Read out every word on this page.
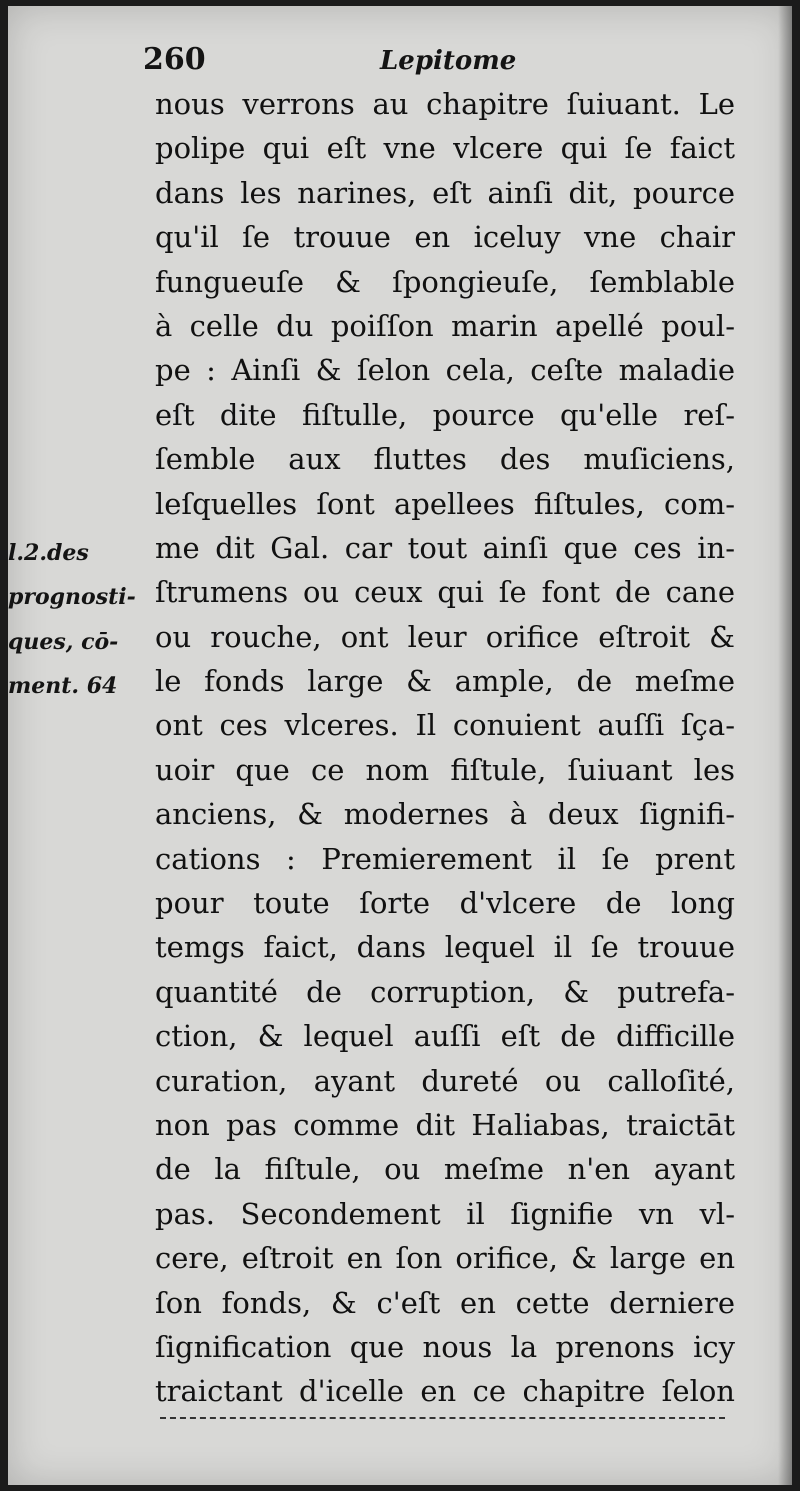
260	Lepitome
l.2.des
prognosti-
ques, cō-
ment. 64
nous verrons au chapitre ſuiuant. Le
polipe qui eſt vne vlcere qui ſe faict
dans les narines, eſt ainſi dit, pource
qu'il ſe trouue en iceluy vne chair
fungueuſe & ſpongieuſe, ſemblable
à celle du poiſſon marin apellé poul-
pe : Ainſi & ſelon cela, ceſte maladie
eſt dite fiſtulle, pource qu'elle reſ-
ſemble aux fluttes des muſiciens,
leſquelles ſont apellees fiſtules, com-
me dit Gal. car tout ainſi que ces in-
ſtrumens ou ceux qui ſe font de cane
ou rouche, ont leur orifice eſtroit &
le fonds large & ample, de meſme
ont ces vlceres. Il conuient auſſi ſça-
uoir que ce nom fiſtule, ſuiuant les
anciens, & modernes à deux ſignifi-
cations : Premierement il ſe prent
pour toute ſorte d'vlcere de long
temgs faict, dans lequel il ſe trouue
quantité de corruption, & putrefa-
ction, & lequel auſſi eſt de difficille
curation, ayant dureté ou calloſité,
non pas comme dit Haliabas, traictāt
de la fiſtule, ou meſme n'en ayant
pas. Secondement il ſignifie vn vl-
cere, eſtroit en ſon orifice, & large en
ſon fonds, & c'eſt en cette derniere
ſignification que nous la prenons icy
traictant d'icelle en ce chapitre ſelon
